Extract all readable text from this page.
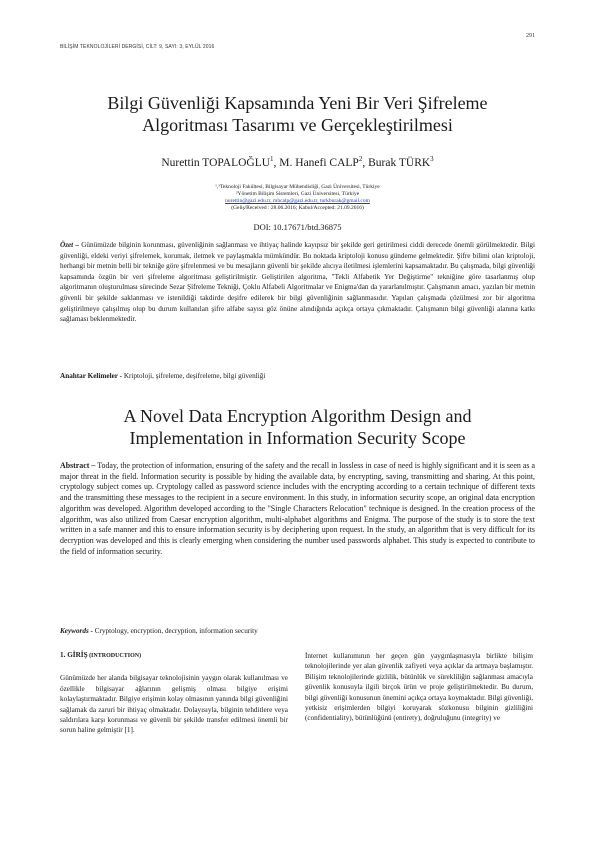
BİLİŞİM TEKNOLOJİLERİ DERGİSİ, CİLT: 9, SAYI: 3, EYLÜL 2016
291
Bilgi Güvenliği Kapsamında Yeni Bir Veri Şifreleme
Algoritması Tasarımı ve Gerçekleştirilmesi
Nurettin TOPALOĞLU$^1$, M. Hanefi CALP$^2$, Burak TÜRK$^3$
¹,³Teknoloji Fakültesi, Bilgisayar Mühendisliği, Gazi Üniversitesi, Türkiye
²Yönetim Bilişim Sistemleri, Gazi Üniversitesi, Türkiye
nurettin@gazi.edu.tr, mhcalp@gazi.edu.tr, turkburak@gmail.com
(Geliş/Received : 28.06.2016; Kabul/Accepted: 21.09.2016)
DOI: 10.17671/btd.36875
Özet – Günümüzde bilginin korunması, güvenliğinin sağlanması ve ihtiyaç halinde kayıpsız bir şekilde geri getirilmesi ciddi derecede önemli görülmektedir. Bilgi güvenliği, eldeki veriyi şifrelemek, korumak, iletmek ve paylaşmakla mümkündür. Bu noktada kriptoloji konusu gündeme gelmektedir. Şifre bilimi olan kriptoloji, herhangi bir metnin belli bir tekniğe göre şifrelenmesi ve bu mesajların güvenli bir şekilde alıcıya iletilmesi işlemlerini kapsamaktadır. Bu çalışmada, bilgi güvenliği kapsamında özgün bir veri şifreleme algoritması geliştirilmiştir. Geliştirilen algoritma, "Tekli Alfabetik Yer Değiştirme" tekniğine göre tasarlanmış olup algoritmanın oluşturulması sürecinde Sezar Şifreleme Tekniği, Çoklu Alfabeli Algoritmalar ve Enigma'dan da yararlanılmıştır. Çalışmanın amacı, yazılan bir metnin güvenli bir şekilde saklanması ve istenildiği takdirde deşifre edilerek bir bilgi güvenliğinin sağlanmasıdır. Yapılan çalışmada çözülmesi zor bir algoritma geliştirilmeye çalışılmış olup bu durum kullanılan şifre alfabe sayısı göz önüne alındığında açıkça ortaya çıkmaktadır. Çalışmanın bilgi güvenliği alanına katkı sağlaması beklenmektedir.
Anahtar Kelimeler - Kriptoloji, şifreleme, deşifreleme, bilgi güvenliği
A Novel Data Encryption Algorithm Design and
Implementation in Information Security Scope
Abstract – Today, the protection of information, ensuring of the safety and the recall in lossless in case of need is highly significant and it is seen as a major threat in the field. Information security is possible by hiding the available data, by encrypting, saving, transmitting and sharing. At this point, cryptology subject comes up. Cryptology called as password science includes with the encrypting according to a certain technique of different texts and the transmitting these messages to the recipient in a secure environment. In this study, in information security scope, an original data encryption algorithm was developed. Algorithm developed according to the "Single Characters Relocation" technique is designed. In the creation process of the algorithm, was also utilized from Caesar encryption algorithm, multi-alphabet algorithms and Enigma. The purpose of the study is to store the text written in a safe manner and this to ensure information security is by deciphering upon request. In the study, an algorithm that is very difficult for its decryption was developed and this is clearly emerging when considering the number used passwords alphabet. This study is expected to contribute to the field of information security.
Keywords - Cryptology, encryption, decryption, information security
1. GİRİŞ (INTRODUCTION)

Günümüzde her alanda bilgisayar teknolojisinin yaygın olarak kullanılması ve özellikle bilgisayar ağlarının gelişmiş olması bilgiye erişimi kolaylaştırmaktadır. Bilgiye erişimin kolay olmasının yanında bilgi güvenliğini sağlamak da zaruri bir ihtiyaç olmaktadır. Dolayısıyla, bilginin tehditlere veya saldırılara karşı korunması ve güvenli bir şekilde transfer edilmesi önemli bir sorun haline gelmiştir [1].

İnternet kullanımının her geçen gün yaygınlaşmasıyla birlikte bilişim teknolojilerinde yer alan güvenlik zafiyeti veya açıklar da artmaya başlamıştır. Bilişim teknolojilerinde gizlilik, bütünlük ve sürekliliğin sağlanması amacıyla güvenlik konusuyla ilgili birçok ürün ve proje geliştirilmektedir. Bu durum, bilgi güvenliği konusunun önemini açıkça ortaya koymaktadır. Bilgi güvenliği, yetkisiz erişimlerden bilgiyi koruyarak sözkonusu bilginin gizliliğini (confidentiality), bütünlüğünü (entirety), doğruluğunu (integrity) ve
